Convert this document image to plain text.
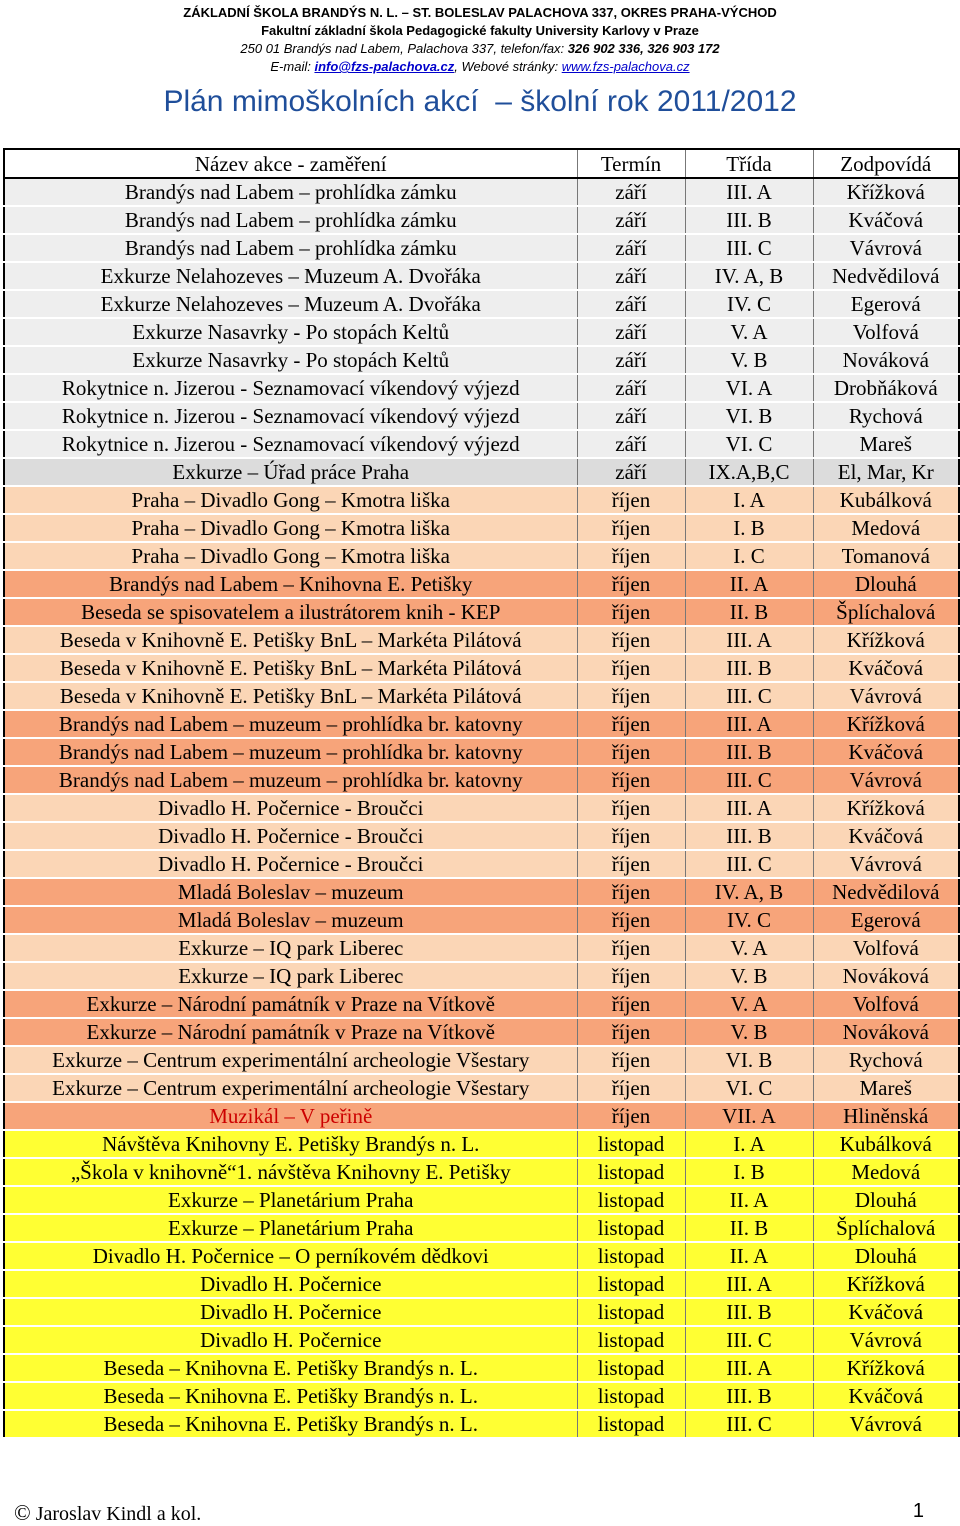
ZÁKLADNÍ ŠKOLA BRANDÝS N. L. – ST. BOLESLAV PALACHOVA 337, OKRES PRAHA-VÝCHOD
Fakultní základní škola Pedagogické fakulty University Karlovy v Praze
250 01 Brandýs nad Labem, Palachova 337, telefon/fax: 326 902 336, 326 903 172
E-mail: info@fzs-palachova.cz, Webové stránky: www.fzs-palachova.cz
Plán mimoškolních akcí  – školní rok 2011/2012
Název akce - zaměření	Termín	Třída	Zodpovídá
Brandýs nad Labem – prohlídka zámku	září	III. A	Křížková
Brandýs nad Labem – prohlídka zámku	září	III. B	Kváčová
Brandýs nad Labem – prohlídka zámku	září	III. C	Vávrová
Exkurze Nelahozeves – Muzeum A. Dvořáka	září	IV. A, B	Nedvědilová
Exkurze Nelahozeves – Muzeum A. Dvořáka	září	IV. C	Egerová
Exkurze Nasavrky - Po stopách Keltů	září	V. A	Volfová
Exkurze Nasavrky - Po stopách Keltů	září	V. B	Nováková
Rokytnice n. Jizerou - Seznamovací víkendový výjezd	září	VI. A	Drobňáková
Rokytnice n. Jizerou - Seznamovací víkendový výjezd	září	VI. B	Rychová
Rokytnice n. Jizerou - Seznamovací víkendový výjezd	září	VI. C	Mareš
Exkurze – Úřad práce Praha	září	IX.A,B,C	El, Mar, Kr
Praha – Divadlo Gong – Kmotra liška	říjen	I. A	Kubálková
Praha – Divadlo Gong – Kmotra liška	říjen	I. B	Medová
Praha – Divadlo Gong – Kmotra liška	říjen	I. C	Tomanová
Brandýs nad Labem – Knihovna E. Petišky	říjen	II. A	Dlouhá
Beseda se spisovatelem a ilustrátorem knih - KEP	říjen	II. B	Šplíchalová
Beseda v Knihovně E. Petišky BnL – Markéta Pilátová	říjen	III. A	Křížková
Beseda v Knihovně E. Petišky BnL – Markéta Pilátová	říjen	III. B	Kváčová
Beseda v Knihovně E. Petišky BnL – Markéta Pilátová	říjen	III. C	Vávrová
Brandýs nad Labem – muzeum – prohlídka br. katovny	říjen	III. A	Křížková
Brandýs nad Labem – muzeum – prohlídka br. katovny	říjen	III. B	Kváčová
Brandýs nad Labem – muzeum – prohlídka br. katovny	říjen	III. C	Vávrová
Divadlo H. Počernice - Broučci	říjen	III. A	Křížková
Divadlo H. Počernice - Broučci	říjen	III. B	Kváčová
Divadlo H. Počernice - Broučci	říjen	III. C	Vávrová
Mladá Boleslav – muzeum	říjen	IV. A, B	Nedvědilová
Mladá Boleslav – muzeum	říjen	IV. C	Egerová
Exkurze – IQ park Liberec	říjen	V. A	Volfová
Exkurze – IQ park Liberec	říjen	V. B	Nováková
Exkurze – Národní památník v Praze na Vítkově	říjen	V. A	Volfová
Exkurze – Národní památník v Praze na Vítkově	říjen	V. B	Nováková
Exkurze – Centrum experimentální archeologie Všestary	říjen	VI. B	Rychová
Exkurze – Centrum experimentální archeologie Všestary	říjen	VI. C	Mareš
Muzikál – V peřině	říjen	VII. A	Hliněnská
Návštěva Knihovny E. Petišky Brandýs n. L.	listopad	I. A	Kubálková
„Škola v knihovně“1. návštěva Knihovny E. Petišky	listopad	I. B	Medová
Exkurze – Planetárium Praha	listopad	II. A	Dlouhá
Exkurze – Planetárium Praha	listopad	II. B	Šplíchalová
Divadlo H. Počernice – O perníkovém dědkovi	listopad	II. A	Dlouhá
Divadlo H. Počernice	listopad	III. A	Křížková
Divadlo H. Počernice	listopad	III. B	Kváčová
Divadlo H. Počernice	listopad	III. C	Vávrová
Beseda – Knihovna E. Petišky Brandýs n. L.	listopad	III. A	Křížková
Beseda – Knihovna E. Petišky Brandýs n. L.	listopad	III. B	Kváčová
Beseda – Knihovna E. Petišky Brandýs n. L.	listopad	III. C	Vávrová
© Jaroslav Kindl a kol.	1
